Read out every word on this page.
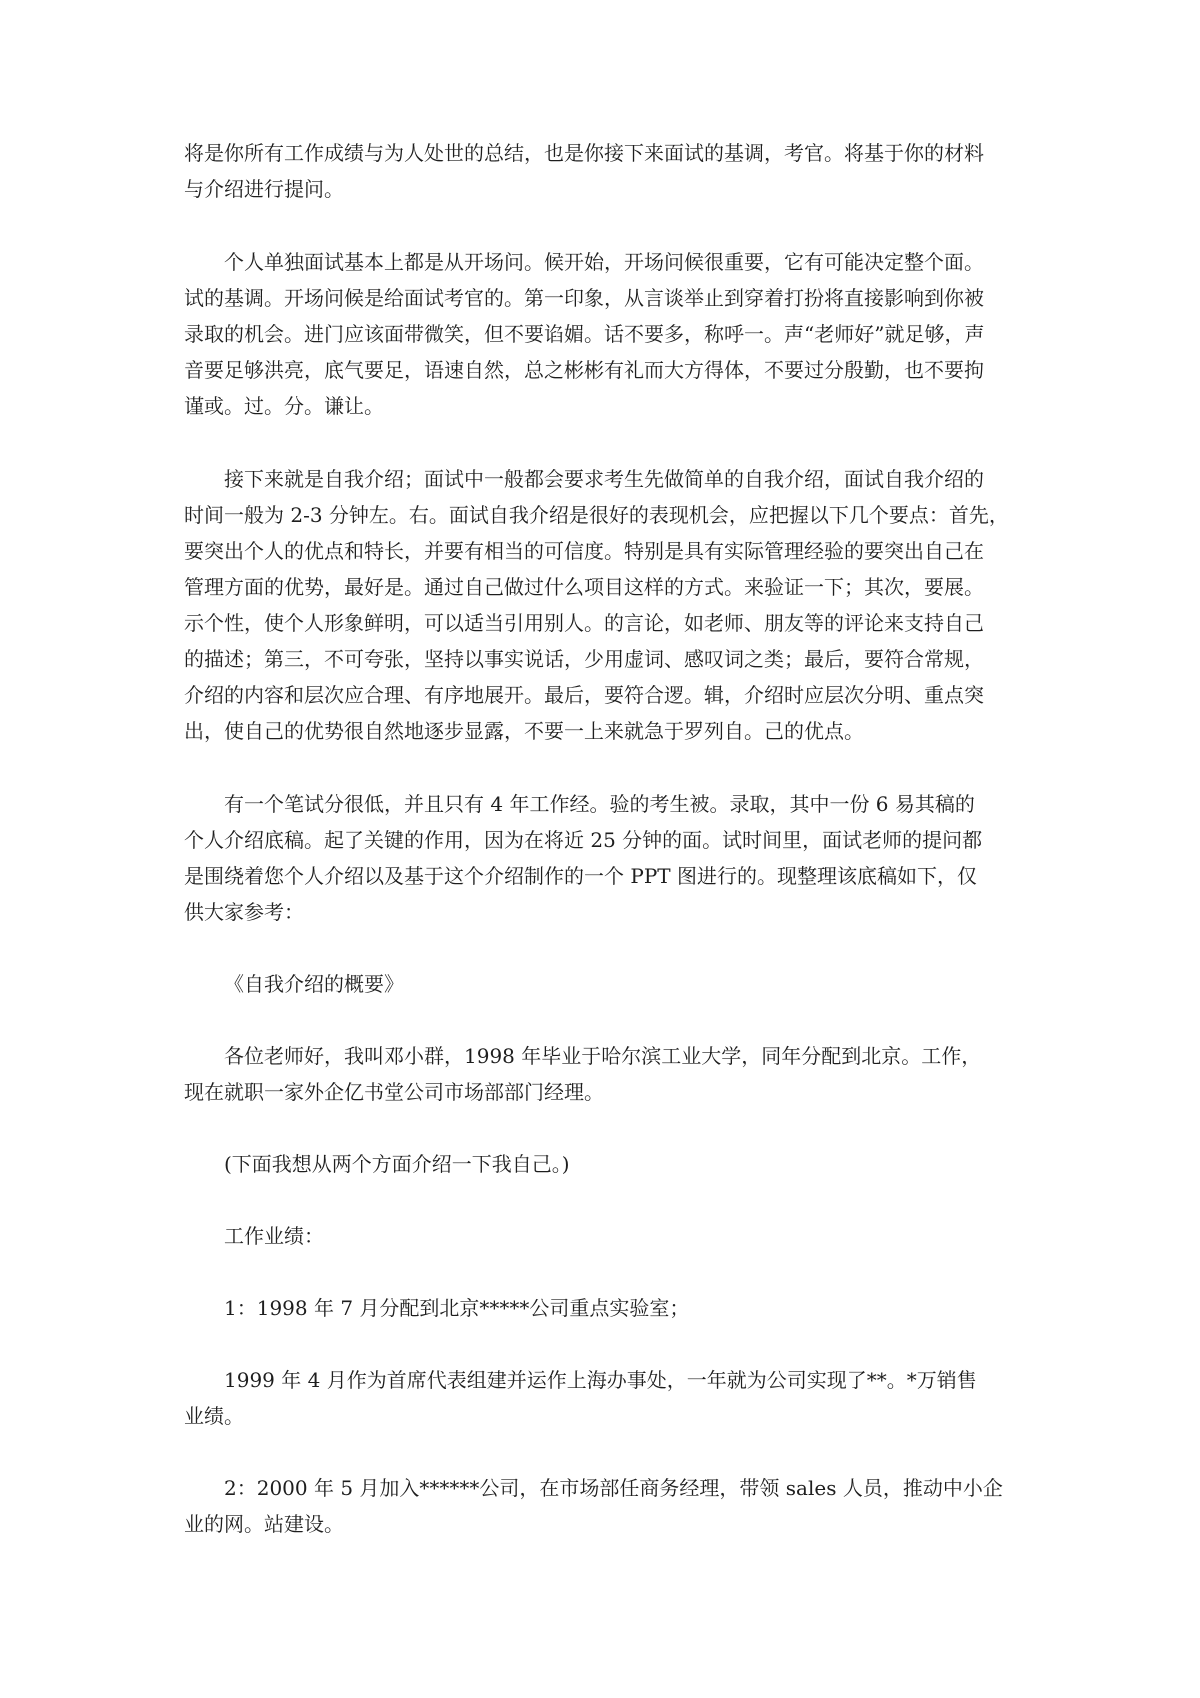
将是你所有工作成绩与为人处世的总结，也是你接下来面试的基调，考官。将基于你的材料
与介绍进行提问。

个人单独面试基本上都是从开场问。候开始，开场问候很重要，它有可能决定整个面。
试的基调。开场问候是给面试考官的。第一印象，从言谈举止到穿着打扮将直接影响到你被
录取的机会。进门应该面带微笑，但不要谄媚。话不要多，称呼一。声“老师好”就足够，声
音要足够洪亮，底气要足，语速自然，总之彬彬有礼而大方得体，不要过分殷勤，也不要拘
谨或。过。分。谦让。

接下来就是自我介绍；面试中一般都会要求考生先做简单的自我介绍，面试自我介绍的
时间一般为 2-3 分钟左。右。面试自我介绍是很好的表现机会，应把握以下几个要点：首先，
要突出个人的优点和特长，并要有相当的可信度。特别是具有实际管理经验的要突出自己在
管理方面的优势，最好是。通过自己做过什么项目这样的方式。来验证一下；其次，要展。
示个性，使个人形象鲜明，可以适当引用别人。的言论，如老师、朋友等的评论来支持自己
的描述；第三，不可夸张，坚持以事实说话，少用虚词、感叹词之类；最后，要符合常规，
介绍的内容和层次应合理、有序地展开。最后，要符合逻。辑，介绍时应层次分明、重点突
出，使自己的优势很自然地逐步显露，不要一上来就急于罗列自。己的优点。

有一个笔试分很低，并且只有 4 年工作经。验的考生被。录取，其中一份 6 易其稿的
个人介绍底稿。起了关键的作用，因为在将近 25 分钟的面。试时间里，面试老师的提问都
是围绕着您个人介绍以及基于这个介绍制作的一个 PPT 图进行的。现整理该底稿如下，仅
供大家参考：

《自我介绍的概要》

各位老师好，我叫邓小群，1998 年毕业于哈尔滨工业大学，同年分配到北京。工作，
现在就职一家外企亿书堂公司市场部部门经理。

(下面我想从两个方面介绍一下我自己。)

工作业绩：

1：1998 年 7 月分配到北京*****公司重点实验室；

1999 年 4 月作为首席代表组建并运作上海办事处，一年就为公司实现了**。*万销售
业绩。

2：2000 年 5 月加入******公司，在市场部任商务经理，带领 sales 人员，推动中小企
业的网。站建设。
